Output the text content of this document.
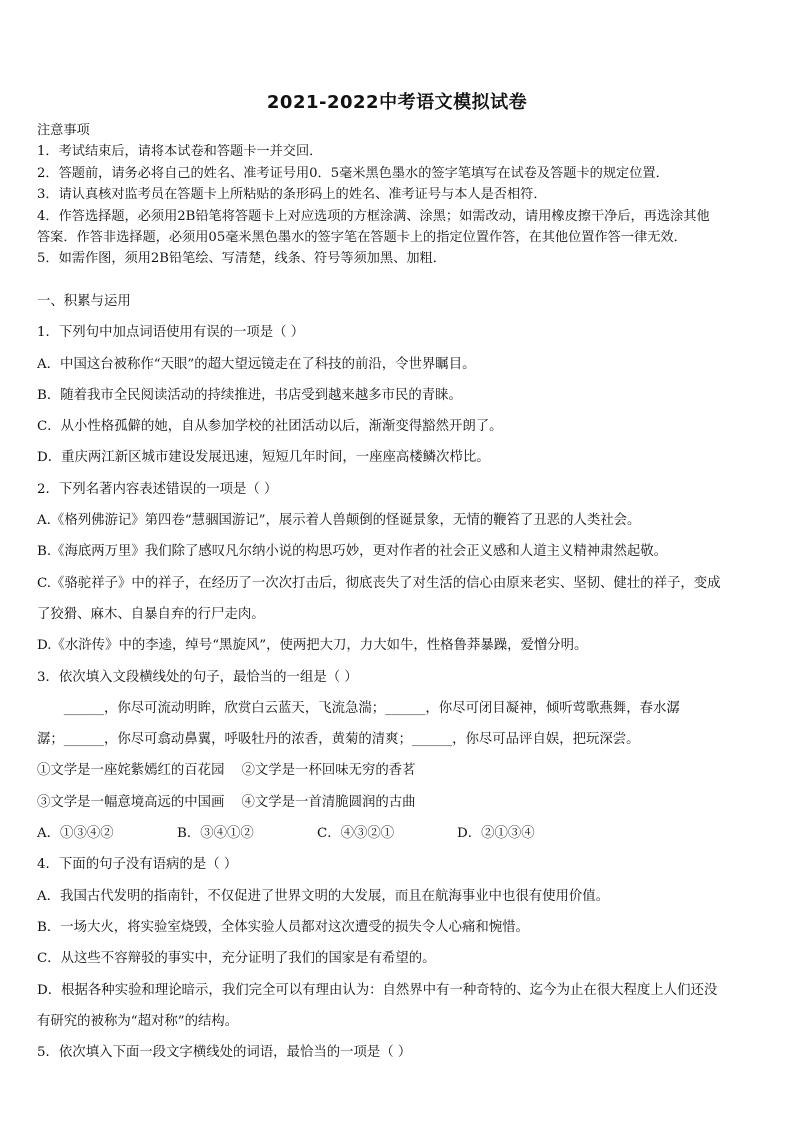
2021-2022中考语文模拟试卷

注意事项

1．考试结束后，请将本试卷和答题卡一并交回．

2．答题前，请务必将自己的姓名、准考证号用0．5毫米黑色墨水的签字笔填写在试卷及答题卡的规定位置．

3．请认真核对监考员在答题卡上所粘贴的条形码上的姓名、准考证号与本人是否相符．

4．作答选择题，必须用2B铅笔将答题卡上对应选项的方框涂满、涂黑；如需改动，请用橡皮擦干净后，再选涂其他

答案．作答非选择题，必须用05毫米黑色墨水的签字笔在答题卡上的指定位置作答，在其他位置作答一律无效．

5．如需作图，须用2B铅笔绘、写清楚，线条、符号等须加黑、加粗．

一、积累与运用

1．下列句中加点词语使用有误的一项是（ ）

A．中国这台被称作“天眼”的超大望远镜走在了科技的前沿，令世界瞩目。

B．随着我市全民阅读活动的持续推进，书店受到越来越多市民的青睐。

C．从小性格孤僻的她，自从参加学校的社团活动以后，渐渐变得豁然开朗了。

D．重庆两江新区城市建设发展迅速，短短几年时间，一座座高楼鳞次栉比。

2．下列名著内容表述错误的一项是（ ）

A.《格列佛游记》第四卷“慧骃国游记”，展示着人兽颠倒的怪诞景象，无情的鞭笞了丑恶的人类社会。

B.《海底两万里》我们除了感叹凡尔纳小说的构思巧妙，更对作者的社会正义感和人道主义精神肃然起敬。

C.《骆驼祥子》中的祥子，在经历了一次次打击后，彻底丧失了对生活的信心由原来老实、坚韧、健壮的祥子，变成

了狡猾、麻木、自暴自弃的行尸走肉。

D.《水浒传》中的李逵，绰号“黑旋风”，使两把大刀，力大如牛，性格鲁莽暴躁，爱憎分明。

3．依次填入文段横线处的句子，最恰当的一组是（ ）

______，你尽可流动明眸，欣赏白云蓝天，飞流急湍；______，你尽可闭目凝神，倾听莺歌燕舞，春水潺

潺；______，你尽可翕动鼻翼，呼吸牡丹的浓香，黄菊的清爽；______，你尽可品评自娱，把玩深尝。

①文学是一座姹紫嫣红的百花园    ②文学是一杯回味无穷的香茗

③文学是一幅意境高远的中国画    ④文学是一首清脆圆润的古曲

A．①③④②	B．③④①②	C．④③②①	D．②①③④

4．下面的句子没有语病的是（ ）

A．我国古代发明的指南针，不仅促进了世界文明的大发展，而且在航海事业中也很有使用价值。

B．一场大火，将实验室烧毁，全体实验人员都对这次遭受的损失令人心痛和惋惜。

C．从这些不容辩驳的事实中，充分证明了我们的国家是有希望的。

D．根据各种实验和理论暗示，我们完全可以有理由认为：自然界中有一种奇特的、迄今为止在很大程度上人们还没

有研究的被称为“超对称”的结构。

5．依次填入下面一段文字横线处的词语，最恰当的一项是（ ）
